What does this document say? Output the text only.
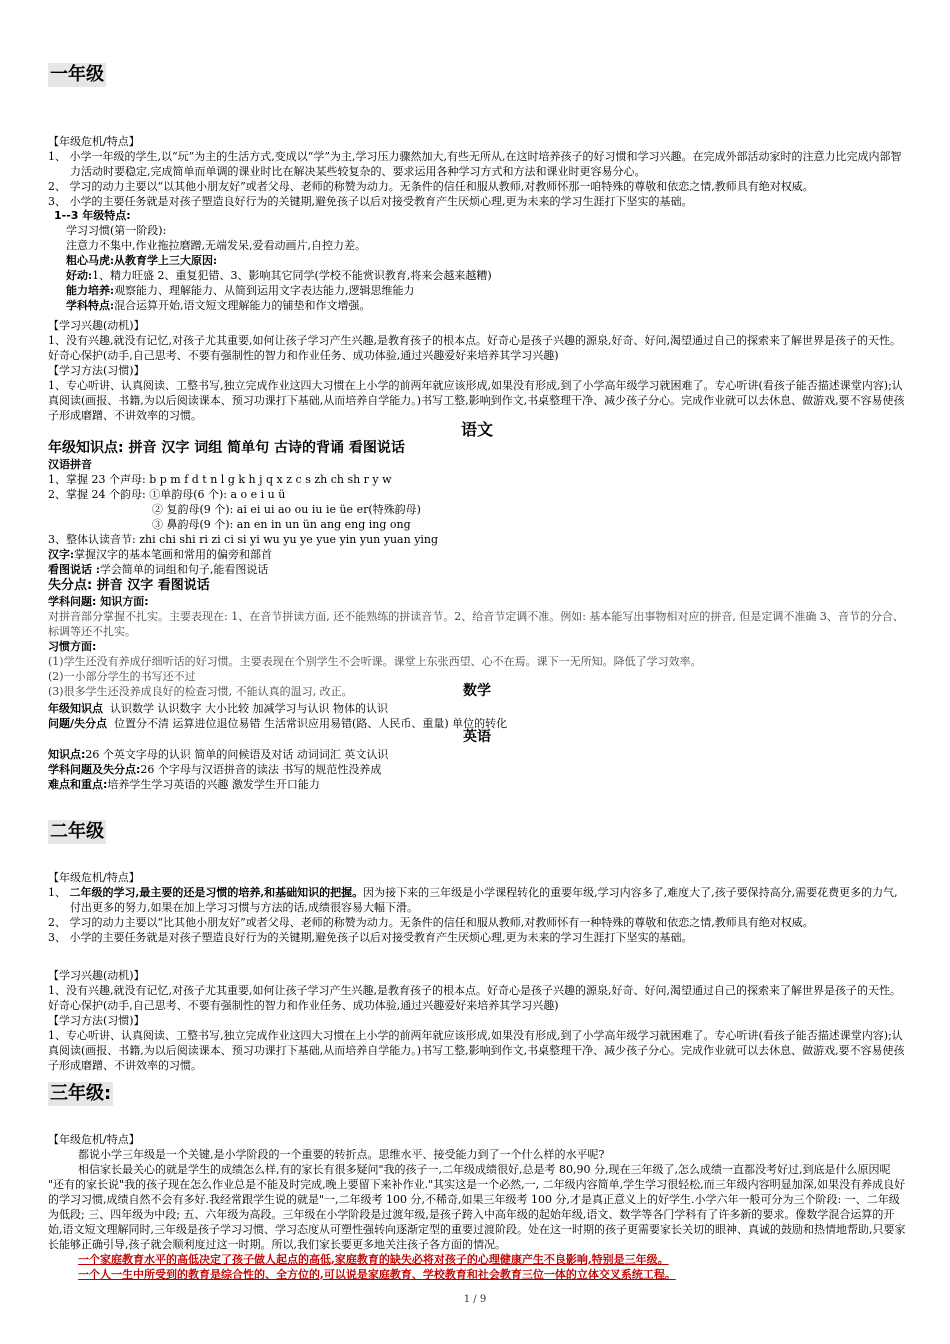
一年级

【年级危机/特点】

1、 小学一年级的学生,以“玩”为主的生活方式,变成以“学”为主,学习压力骤然加大,有些无所从,在这时培养孩子的好习惯和学习兴趣。在完成外部活动家时的注意力比完成内部智力活动时要稳定,完成简单而单调的课业时比在解决某些较复杂的、要求运用各种学习方式和方法和课业时更容易分心。

2、 学习的动力主要以“以其他小朋友好”或者父母、老师的称赞为动力。无条件的信任和服从教师,对教师怀那一咱特殊的尊敬和依恋之情,教师具有绝对权威。

3、 小学的主要任务就是对孩子塑造良好行为的关键期,避免孩子以后对接受教育产生厌烦心理,更为未来的学习生涯打下坚实的基础。

1--3 年级特点:

学习习惯(第一阶段):

注意力不集中,作业拖拉磨蹭,无端发呆,爱看动画片,自控力差。

粗心马虎:从教育学上三大原因:

好动:1、精力旺盛 2、重复犯错、3、影响其它同学(学校不能赏识教育,将来会越来越糟)

能力培养:观察能力、理解能力、从简到运用文字表达能力,逻辑思维能力

学科特点:混合运算开始,语文短文理解能力的铺垫和作文增强。

【学习兴趣(动机)】

1、没有兴趣,就没有记忆,对孩子尤其重要,如何让孩子学习产生兴趣,是教育孩子的根本点。好奇心是孩子兴趣的源泉,好奇、好问,渴望通过自己的探索来了解世界是孩子的天性。好奇心保护(动手,自己思考、不要有强制性的智力和作业任务、成功体验,通过兴趣爱好来培养其学习兴趣)

【学习方法(习惯)】

1、专心听讲、认真阅读、工整书写,独立完成作业这四大习惯在上小学的前两年就应该形成,如果没有形成,到了小学高年级学习就困难了。专心听讲(看孩子能否描述课堂内容);认真阅读(画报、书籍,为以后阅读课本、预习功课打下基础,从而培养自学能力。)书写工整,影响到作文,书桌整理干净、减少孩子分心。完成作业就可以去休息、做游戏,要不容易使孩子形成磨蹭、不讲效率的习惯。

语文

年级知识点: 拼音 汉字 词组 简单句 古诗的背诵 看图说话

汉语拼音

1、掌握 23 个声母: b p m f d t n l g k h j q x z c s zh ch sh r y w

2、掌握 24 个韵母: ①单韵母(6 个): a o e i u ü

② 复韵母(9 个): ai ei ui ao ou iu ie üe er(特殊韵母)

③ 鼻韵母(9 个): an en in un ün ang eng ing ong

3、整体认读音节: zhi chi shi ri zi ci si yi wu yu ye yue yin yun yuan ying

汉字:掌握汉字的基本笔画和常用的偏旁和部首

看图说话 :学会简单的词组和句子,能看图说话

失分点: 拼音 汉字 看图说话

学科问题: 知识方面:

对拼音部分掌握不扎实。主要表现在: 1、在音节拼读方面, 还不能熟练的拼读音节。2、给音节定调不准。例如: 基本能写出事物相对应的拼音, 但是定调不准确 3、音节的分合、标调等还不扎实。

习惯方面:

(1)学生还没有养成仔细听话的好习惯。主要表现在个别学生不会听课。课堂上东张西望、心不在焉。课下一无所知。降低了学习效率。

(2)一小部分学生的书写还不过

(3)很多学生还没养成良好的检查习惯, 不能认真的温习, 改正。	数学

年级知识点 认识数学 认识数字 大小比较 加减学习与认识 物体的认识

问题/失分点 位置分不清 运算进位退位易错 生活常识应用易错(路、人民币、重量) 单位的转化

英语

知识点:26 个英文字母的认识 简单的问候语及对话 动词词汇 英文认识

学科问题及失分点:26 个字母与汉语拼音的读法 书写的规范性没养成

难点和重点:培养学生学习英语的兴趣 激发学生开口能力

二年级

【年级危机/特点】

1、 二年级的学习,最主要的还是习惯的培养,和基础知识的把握。因为接下来的三年级是小学课程转化的重要年级,学习内容多了,难度大了,孩子要保持高分,需要花费更多的力气,付出更多的努力,如果在加上学习习惯与方法的话,成绩很容易大幅下滑。

2、 学习的动力主要以“比其他小朋友好”或者父母、老师的称赞为动力。无条件的信任和服从教师,对教师怀有一种特殊的尊敬和依恋之情,教师具有绝对权威。

3、 小学的主要任务就是对孩子塑造良好行为的关键期,避免孩子以后对接受教育产生厌烦心理,更为未来的学习生涯打下坚实的基础。

【学习兴趣(动机)】

1、没有兴趣,就没有记忆,对孩子尤其重要,如何让孩子学习产生兴趣,是教育孩子的根本点。好奇心是孩子兴趣的源泉,好奇、好问,渴望通过自己的探索来了解世界是孩子的天性。好奇心保护(动手,自己思考、不要有强制性的智力和作业任务、成功体验,通过兴趣爱好来培养其学习兴趣)

【学习方法(习惯)】

1、专心听讲、认真阅读、工整书写,独立完成作业这四大习惯在上小学的前两年就应该形成,如果没有形成,到了小学高年级学习就困难了。专心听讲(看孩子能否描述课堂内容);认真阅读(画报、书籍,为以后阅读课本、预习功课打下基础,从而培养自学能力。)书写工整,影响到作文,书桌整理干净、减少孩子分心。完成作业就可以去休息、做游戏,要不容易使孩子形成磨蹭、不讲效率的习惯。

三年级:

【年级危机/特点】

都说小学三年级是一个关键,是小学阶段的一个重要的转折点。思维水平、接受能力到了一个什么样的水平呢?

相信家长最关心的就是学生的成绩怎么样,有的家长有很多疑问"我的孩子一,二年级成绩很好,总是考 80,90 分,现在三年级了,怎么成绩一直都没考好过,到底是什么原因呢 "还有的家长说"我的孩子现在怎么作业总是不能及时完成,晚上要留下来补作业."其实这是一个必然,一, 二年级内容简单,学生学习很轻松,而三年级内容明显加深,如果没有养成良好的学习习惯,成绩自然不会有多好.我经常跟学生说的就是"一,二年级考 100 分,不稀奇,如果三年级考 100 分,才是真正意义上的好学生.小学六年一般可分为三个阶段: 一、二年级为低段; 三、四年级为中段; 五、六年级为高段。三年级在小学阶段是过渡年级,是孩子跨入中高年级的起始年级,语文、数学等各门学科有了许多新的要求。像数学混合运算的开始,语文短文理解同时,三年级是孩子学习习惯、学习态度从可塑性强转向逐渐定型的重要过渡阶段。处在这一时期的孩子更需要家长关切的眼神、真诚的鼓励和热情地帮助,只要家长能够正确引导,孩子就会顺利度过这一时期。所以,我们家长要更多地关注孩子各方面的情况。

一个家庭教育水平的高低决定了孩子做人起点的高低,家庭教育的缺失必将对孩子的心理健康产生不良影响,特别是三年级。

一个人一生中所受到的教育是综合性的、全方位的,可以说是家庭教育、学校教育和社会教育三位一体的立体交叉系统工程。

1 / 9
